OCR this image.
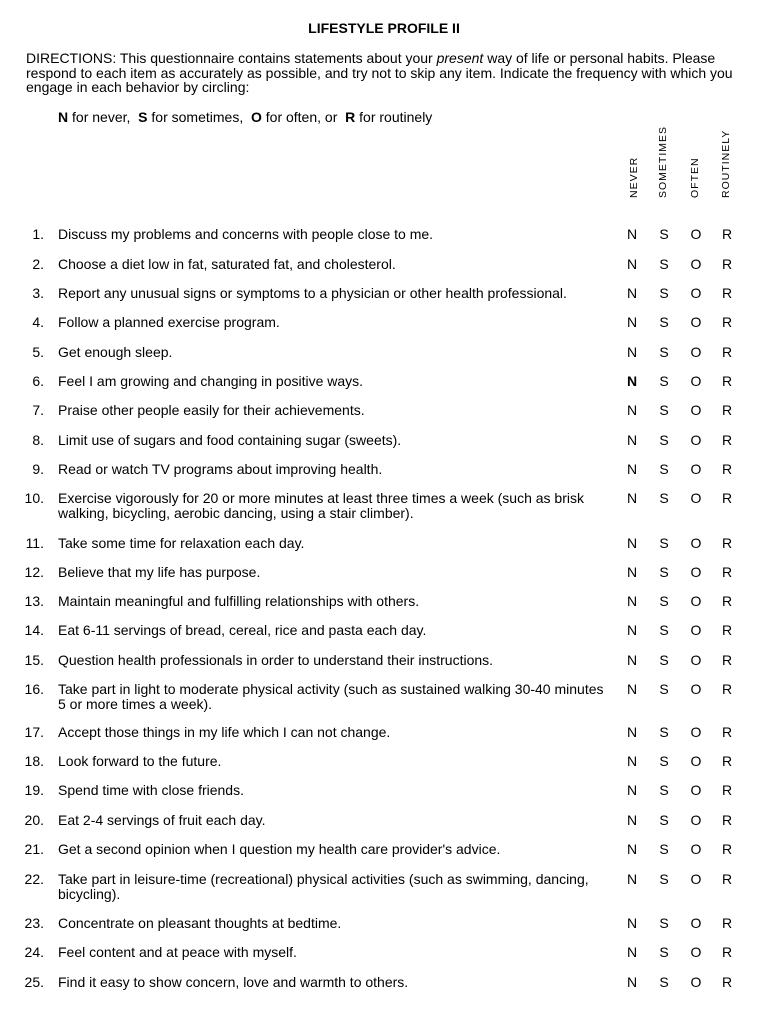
LIFESTYLE PROFILE II

DIRECTIONS: This questionnaire contains statements about your present way of life or personal habits. Please respond to each item as accurately as possible, and try not to skip any item. Indicate the frequency with which you engage in each behavior by circling:

N for never,  S for sometimes,  O for often, or  R for routinely

NEVER SOMETIMES OFTEN ROUTINELY
1. Discuss my problems and concerns with people close to me.	N	S	O	R
2. Choose a diet low in fat, saturated fat, and cholesterol.	N	S	O	R
3. Report any unusual signs or symptoms to a physician or other health professional.	N	S	O	R
4. Follow a planned exercise program.	N	S	O	R
5. Get enough sleep.	N	S	O	R
6. Feel I am growing and changing in positive ways.	N	S	O	R
7. Praise other people easily for their achievements.	N	S	O	R
8. Limit use of sugars and food containing sugar (sweets).	N	S	O	R
9. Read or watch TV programs about improving health.	N	S	O	R
10. Exercise vigorously for 20 or more minutes at least three times a week (such as brisk walking, bicycling, aerobic dancing, using a stair climber).
N	S	O	R
11. Take some time for relaxation each day.	N	S	O	R
12. Believe that my life has purpose.	N	S	O	R
13. Maintain meaningful and fulfilling relationships with others.	N	S	O	R
14. Eat 6-11 servings of bread, cereal, rice and pasta each day.	N	S	O	R
15. Question health professionals in order to understand their instructions.	N	S	O	R
16. Take part in light to moderate physical activity (such as sustained walking 30-40 minutes 5 or more times a week).
N	S	O	R
17. Accept those things in my life which I can not change.	N	S	O	R
18. Look forward to the future.	N	S	O	R
19. Spend time with close friends.	N	S	O	R
20. Eat 2-4 servings of fruit each day.	N	S	O	R
21. Get a second opinion when I question my health care provider's advice.	N	S	O	R
22. Take part in leisure-time (recreational) physical activities (such as swimming, dancing, bicycling).
N	S	O	R
23. Concentrate on pleasant thoughts at bedtime.	N	S	O	R
24. Feel content and at peace with myself.	N	S	O	R
25. Find it easy to show concern, love and warmth to others.	N	S	O	R
